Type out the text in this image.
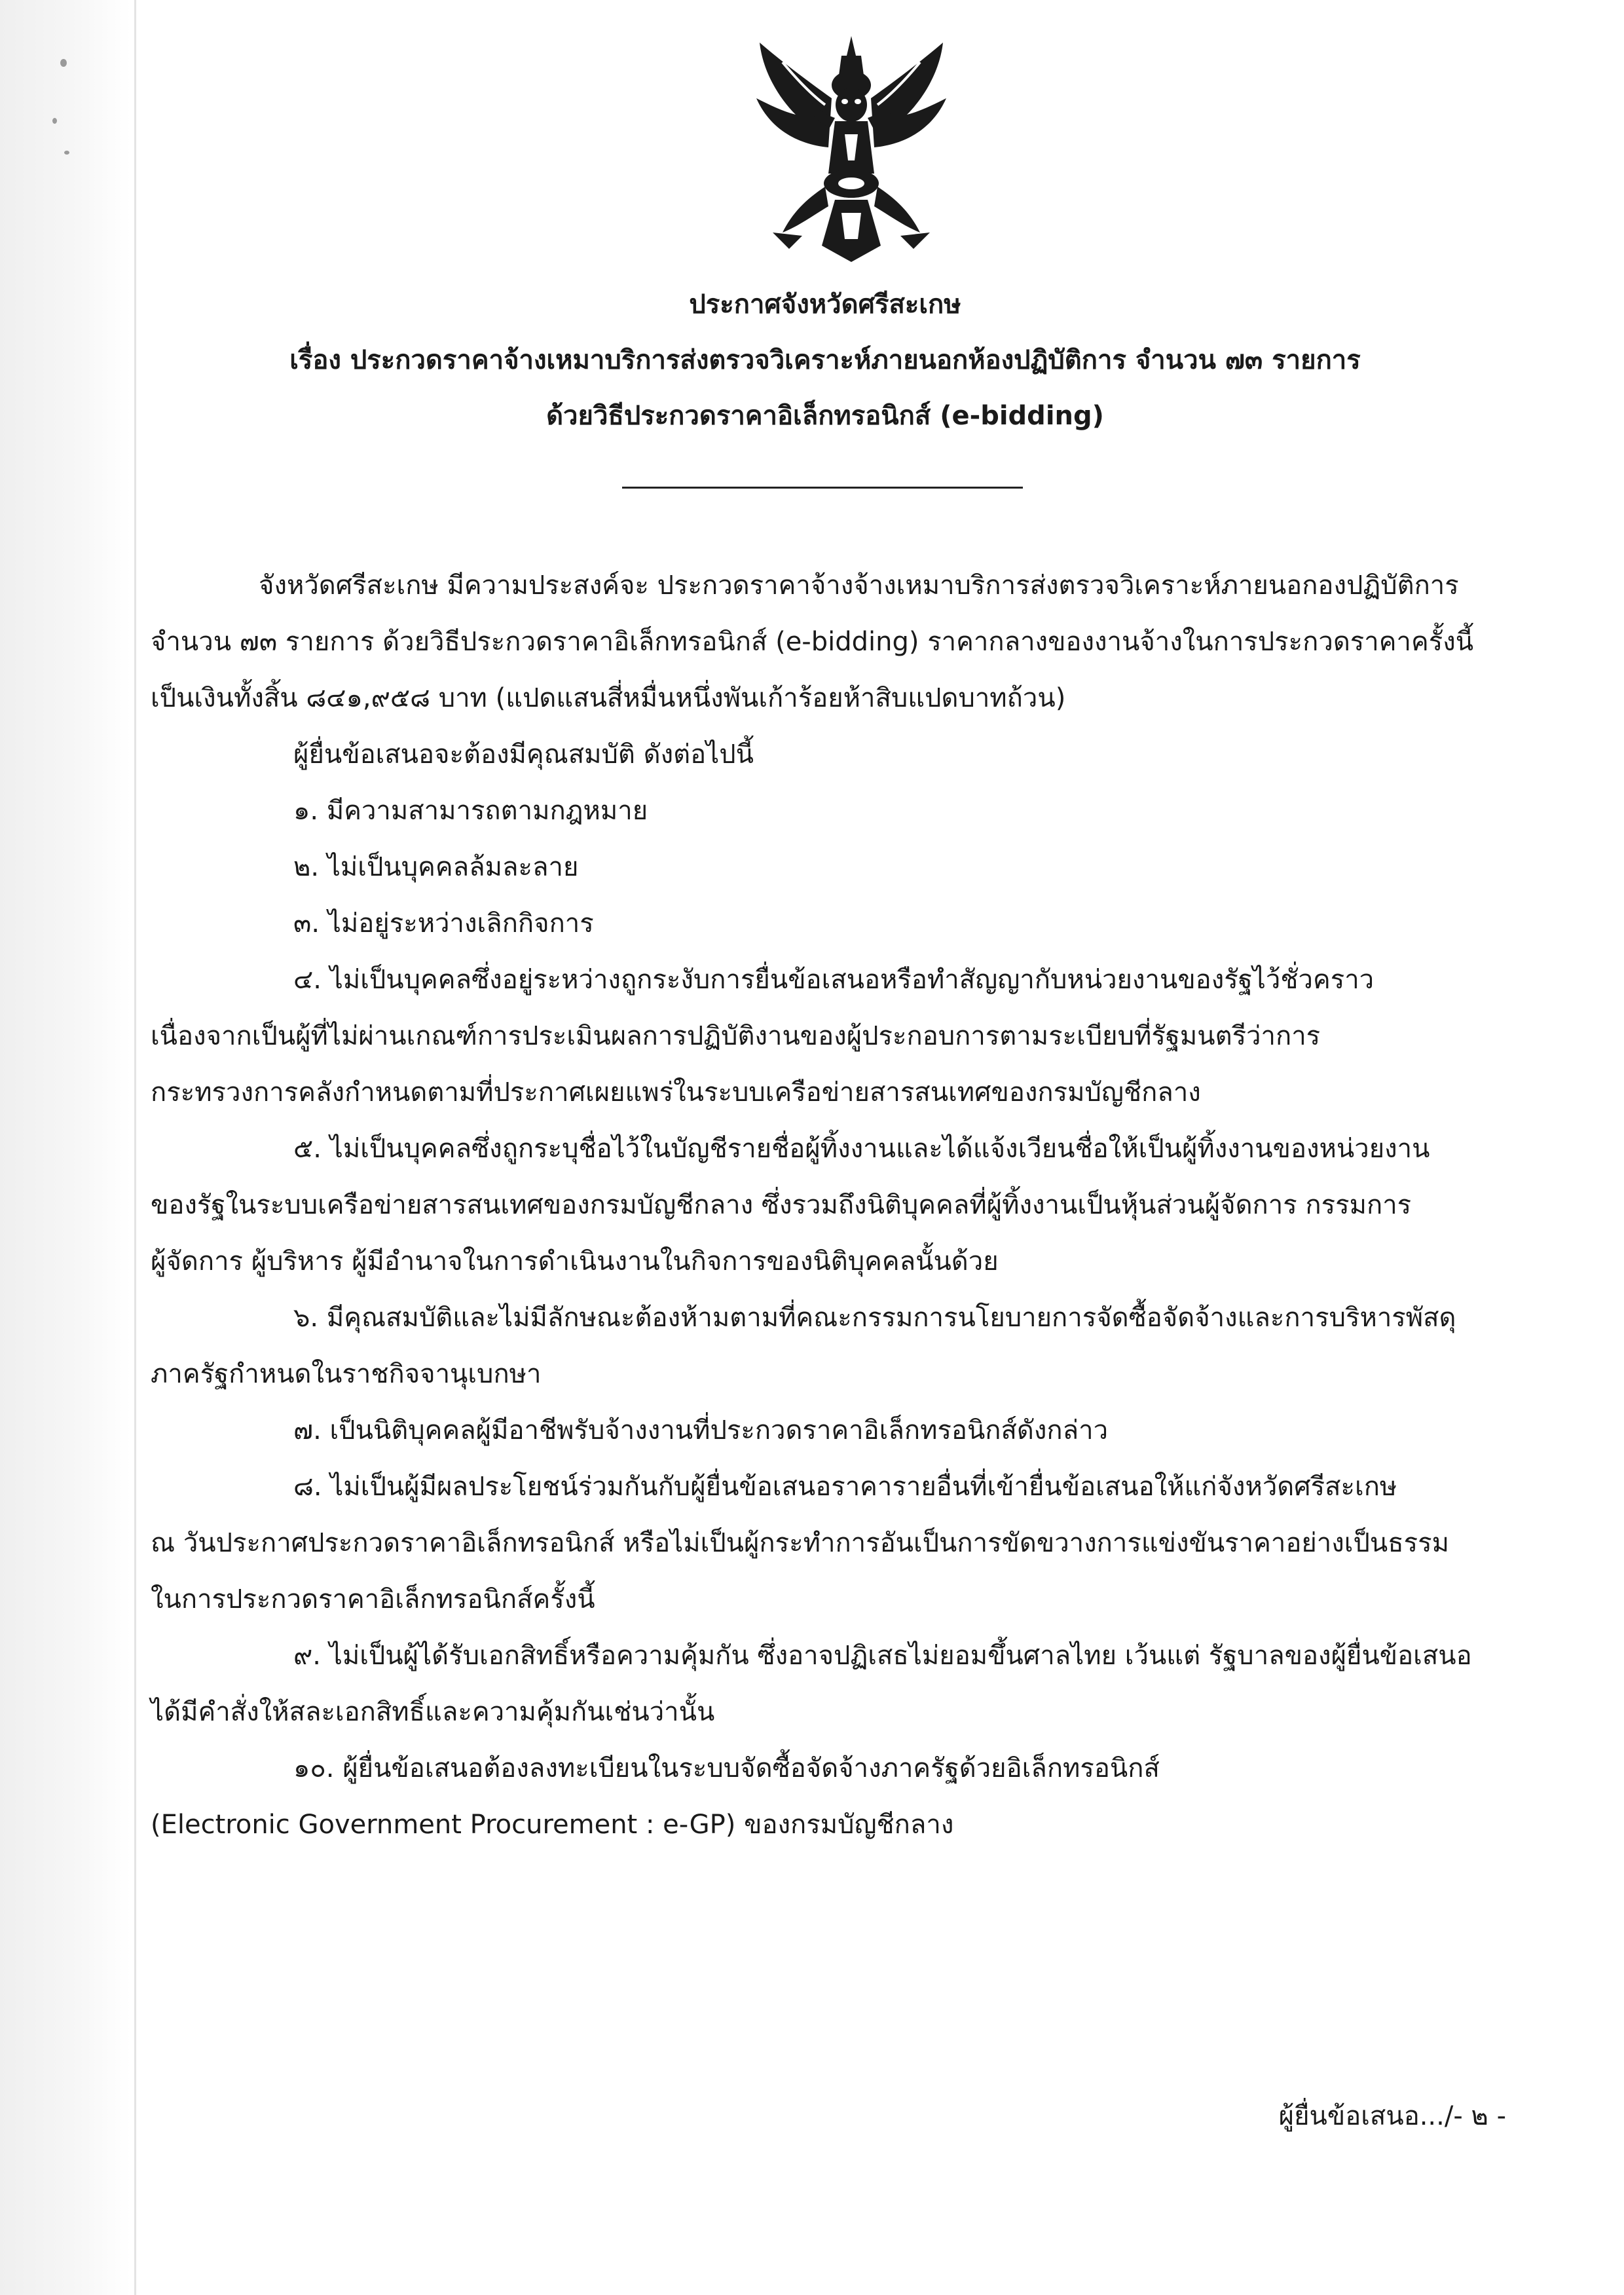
ประกาศจังหวัดศรีสะเกษ
เรื่อง ประกวดราคาจ้างเหมาบริการส่งตรวจวิเคราะห์ภายนอกห้องปฏิบัติการ จำนวน ๗๓ รายการ
ด้วยวิธีประกวดราคาอิเล็กทรอนิกส์ (e-bidding)
จังหวัดศรีสะเกษ มีความประสงค์จะ ประกวดราคาจ้างจ้างเหมาบริการส่งตรวจวิเคราะห์ภายนอกองปฏิบัติการ
จำนวน ๗๓ รายการ ด้วยวิธีประกวดราคาอิเล็กทรอนิกส์ (e-bidding) ราคากลางของงานจ้างในการประกวดราคาครั้งนี้
เป็นเงินทั้งสิ้น ๘๔๑,๙๕๘ บาท (แปดแสนสี่หมื่นหนึ่งพันเก้าร้อยห้าสิบแปดบาทถ้วน)
ผู้ยื่นข้อเสนอจะต้องมีคุณสมบัติ ดังต่อไปนี้
๑. มีความสามารถตามกฎหมาย
๒. ไม่เป็นบุคคลล้มละลาย
๓. ไม่อยู่ระหว่างเลิกกิจการ
๔. ไม่เป็นบุคคลซึ่งอยู่ระหว่างถูกระงับการยื่นข้อเสนอหรือทำสัญญากับหน่วยงานของรัฐไว้ชั่วคราว
เนื่องจากเป็นผู้ที่ไม่ผ่านเกณฑ์การประเมินผลการปฏิบัติงานของผู้ประกอบการตามระเบียบที่รัฐมนตรีว่าการ
กระทรวงการคลังกำหนดตามที่ประกาศเผยแพร่ในระบบเครือข่ายสารสนเทศของกรมบัญชีกลาง
๕. ไม่เป็นบุคคลซึ่งถูกระบุชื่อไว้ในบัญชีรายชื่อผู้ทิ้งงานและได้แจ้งเวียนชื่อให้เป็นผู้ทิ้งงานของหน่วยงาน
ของรัฐในระบบเครือข่ายสารสนเทศของกรมบัญชีกลาง ซึ่งรวมถึงนิติบุคคลที่ผู้ทิ้งงานเป็นหุ้นส่วนผู้จัดการ กรรมการ
ผู้จัดการ ผู้บริหาร ผู้มีอำนาจในการดำเนินงานในกิจการของนิติบุคคลนั้นด้วย
๖. มีคุณสมบัติและไม่มีลักษณะต้องห้ามตามที่คณะกรรมการนโยบายการจัดซื้อจัดจ้างและการบริหารพัสดุ
ภาครัฐกำหนดในราชกิจจานุเบกษา
๗. เป็นนิติบุคคลผู้มีอาชีพรับจ้างงานที่ประกวดราคาอิเล็กทรอนิกส์ดังกล่าว
๘. ไม่เป็นผู้มีผลประโยชน์ร่วมกันกับผู้ยื่นข้อเสนอราคารายอื่นที่เข้ายื่นข้อเสนอให้แก่จังหวัดศรีสะเกษ
ณ วันประกาศประกวดราคาอิเล็กทรอนิกส์ หรือไม่เป็นผู้กระทำการอันเป็นการขัดขวางการแข่งขันราคาอย่างเป็นธรรม
ในการประกวดราคาอิเล็กทรอนิกส์ครั้งนี้
๙. ไม่เป็นผู้ได้รับเอกสิทธิ์หรือความคุ้มกัน ซึ่งอาจปฏิเสธไม่ยอมขึ้นศาลไทย เว้นแต่ รัฐบาลของผู้ยื่นข้อเสนอ
ได้มีคำสั่งให้สละเอกสิทธิ์และความคุ้มกันเช่นว่านั้น
๑๐. ผู้ยื่นข้อเสนอต้องลงทะเบียนในระบบจัดซื้อจัดจ้างภาครัฐด้วยอิเล็กทรอนิกส์
(Electronic Government Procurement : e-GP) ของกรมบัญชีกลาง
ผู้ยื่นข้อเสนอ.../- ๒ -
